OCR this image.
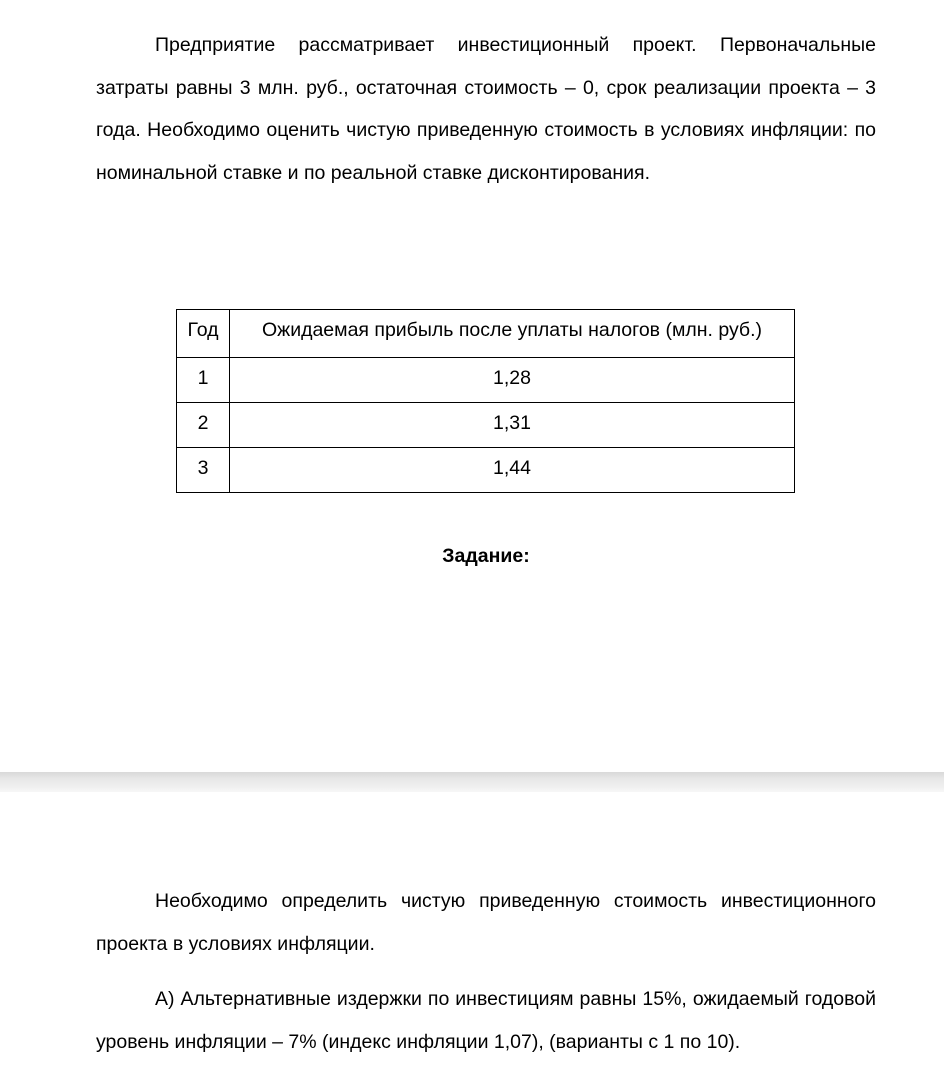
Предприятие рассматривает инвестиционный проект. Первоначальные затраты равны 3 млн. руб., остаточная стоимость – 0, срок реализации проекта – 3 года. Необходимо оценить чистую приведенную стоимость в условиях инфляции: по номинальной ставке и по реальной ставке дисконтирования.

Год	Ожидаемая прибыль после уплаты налогов (млн. руб.)
1	1,28
2	1,31
3	1,44
Задание:

Необходимо определить чистую приведенную стоимость инвестиционного проекта в условиях инфляции.

А) Альтернативные издержки по инвестициям равны 15%, ожидаемый годовой уровень инфляции – 7% (индекс инфляции 1,07), (варианты с 1 по 10).
